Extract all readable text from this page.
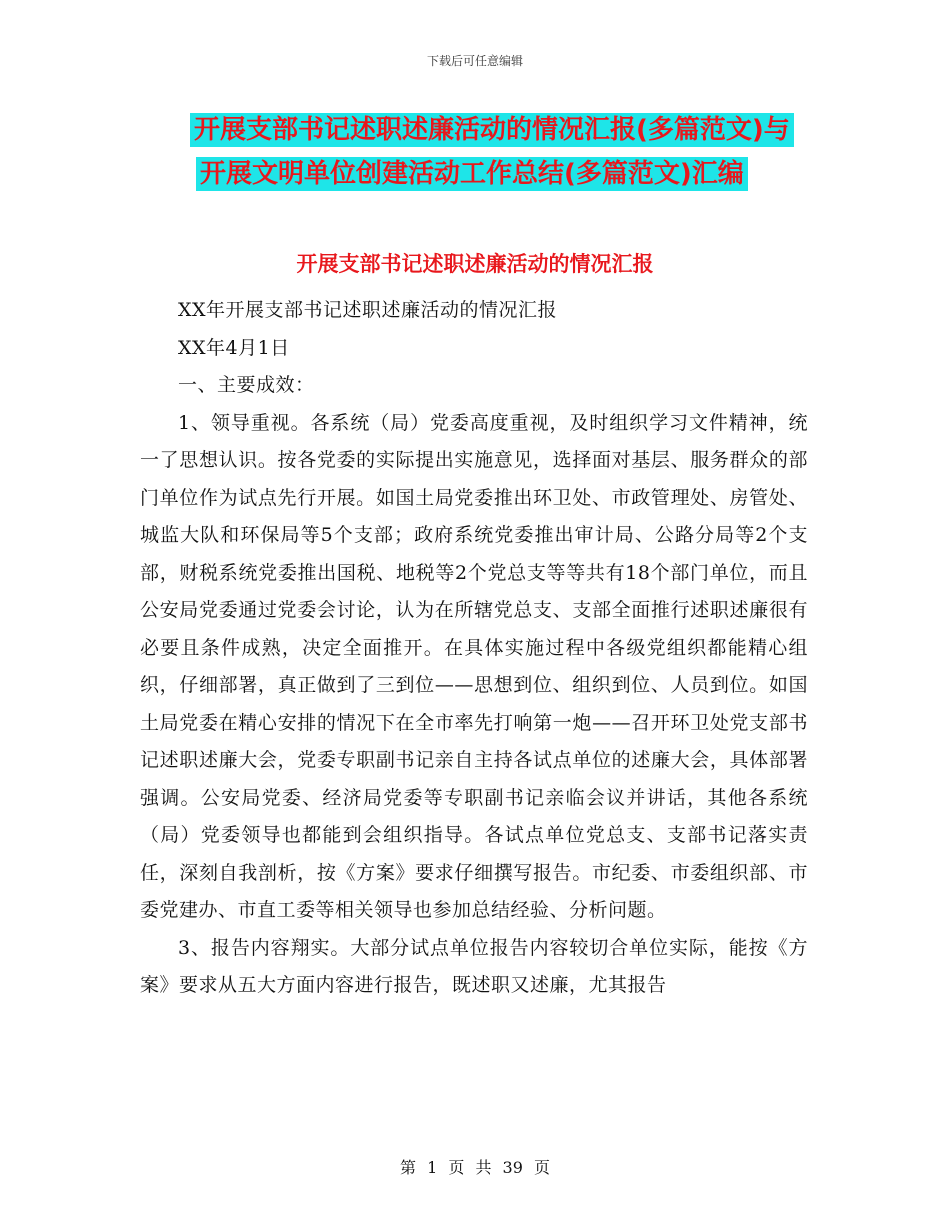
下载后可任意编辑
开展支部书记述职述廉活动的情况汇报(多篇范文)与
开展文明单位创建活动工作总结(多篇范文)汇编
开展支部书记述职述廉活动的情况汇报

XX年开展支部书记述职述廉活动的情况汇报

XX年4月1日

一、主要成效：

1、领导重视。各系统（局）党委高度重视，及时组织学习文件精神，统一了思想认识。按各党委的实际提出实施意见，选择面对基层、服务群众的部门单位作为试点先行开展。如国土局党委推出环卫处、市政管理处、房管处、城监大队和环保局等5个支部；政府系统党委推出审计局、公路分局等2个支部，财税系统党委推出国税、地税等2个党总支等等共有18个部门单位，而且公安局党委通过党委会讨论，认为在所辖党总支、支部全面推行述职述廉很有必要且条件成熟，决定全面推开。在具体实施过程中各级党组织都能精心组织，仔细部署，真正做到了三到位——思想到位、组织到位、人员到位。如国土局党委在精心安排的情况下在全市率先打响第一炮——召开环卫处党支部书记述职述廉大会，党委专职副书记亲自主持各试点单位的述廉大会，具体部署强调。公安局党委、经济局党委等专职副书记亲临会议并讲话，其他各系统（局）党委领导也都能到会组织指导。各试点单位党总支、支部书记落实责任，深刻自我剖析，按《方案》要求仔细撰写报告。市纪委、市委组织部、市委党建办、市直工委等相关领导也参加总结经验、分析问题。

3、报告内容翔实。大部分试点单位报告内容较切合单位实际，能按《方案》要求从五大方面内容进行报告，既述职又述廉，尤其报告

第 1 页 共 39 页
